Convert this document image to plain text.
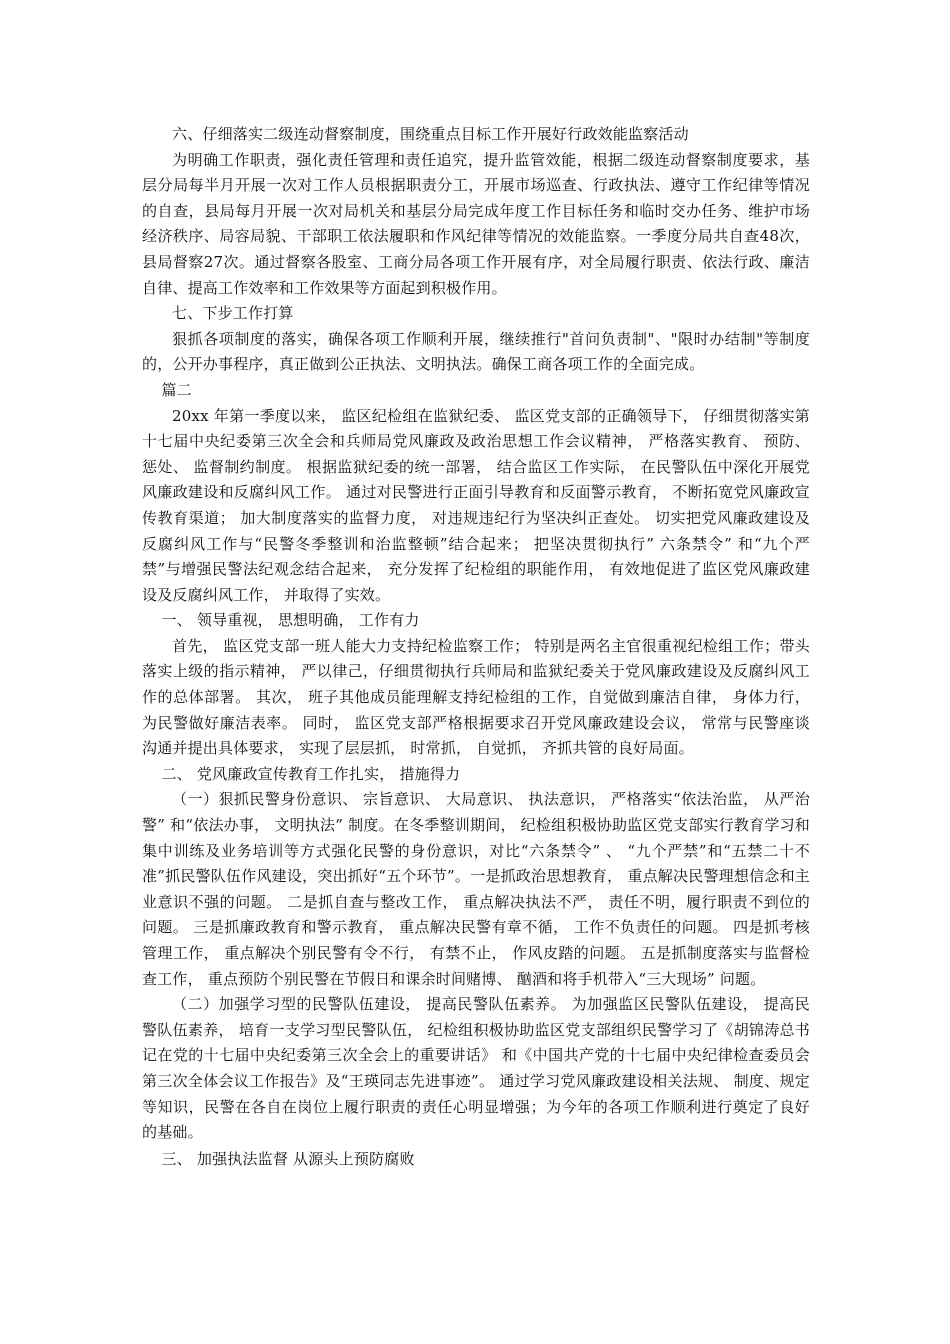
六、仔细落实二级连动督察制度，围绕重点目标工作开展好行政效能监察活动

为明确工作职责，强化责任管理和责任追究，提升监管效能，根据二级连动督察制度要求，基层分局每半月开展一次对工作人员根据职责分工，开展市场巡查、行政执法、遵守工作纪律等情况的自查，县局每月开展一次对局机关和基层分局完成年度工作目标任务和临时交办任务、维护市场经济秩序、局容局貌、干部职工依法履职和作风纪律等情况的效能监察。一季度分局共自查48次，县局督察27次。通过督察各股室、工商分局各项工作开展有序，对全局履行职责、依法行政、廉洁自律、提高工作效率和工作效果等方面起到积极作用。

七、下步工作打算

狠抓各项制度的落实，确保各项工作顺利开展，继续推行"首问负责制"、"限时办结制"等制度的，公开办事程序，真正做到公正执法、文明执法。确保工商各项工作的全面完成。

篇二

20xx 年第一季度以来， 监区纪检组在监狱纪委、 监区党支部的正确领导下， 仔细贯彻落实第十七届中央纪委第三次全会和兵师局党风廉政及政治思想工作会议精神， 严格落实教育、 预防、 惩处、 监督制约制度。 根据监狱纪委的统一部署， 结合监区工作实际， 在民警队伍中深化开展党风廉政建设和反腐纠风工作。 通过对民警进行正面引导教育和反面警示教育， 不断拓宽党风廉政宣传教育渠道； 加大制度落实的监督力度， 对违规违纪行为坚决纠正查处。 切实把党风廉政建设及反腐纠风工作与“民警冬季整训和治监整顿”结合起来； 把坚决贯彻执行” 六条禁令” 和“九个严禁”与增强民警法纪观念结合起来， 充分发挥了纪检组的职能作用， 有效地促进了监区党风廉政建设及反腐纠风工作， 并取得了实效。

一、 领导重视， 思想明确， 工作有力

首先， 监区党支部一班人能大力支持纪检监察工作； 特别是两名主官很重视纪检组工作；带头落实上级的指示精神， 严以律己，仔细贯彻执行兵师局和监狱纪委关于党风廉政建设及反腐纠风工作的总体部署。 其次， 班子其他成员能理解支持纪检组的工作，自觉做到廉洁自律， 身体力行， 为民警做好廉洁表率。 同时， 监区党支部严格根据要求召开党风廉政建设会议， 常常与民警座谈沟通并提出具体要求， 实现了层层抓， 时常抓， 自觉抓， 齐抓共管的良好局面。

二、 党风廉政宣传教育工作扎实， 措施得力

（一）狠抓民警身份意识、 宗旨意识、 大局意识、 执法意识， 严格落实“依法治监， 从严治警” 和“依法办事， 文明执法” 制度。在冬季整训期间， 纪检组积极协助监区党支部实行教育学习和集中训练及业务培训等方式强化民警的身份意识，对比“六条禁令” 、 “九个严禁”和“五禁二十不准”抓民警队伍作风建设，突出抓好“五个环节”。一是抓政治思想教育， 重点解决民警理想信念和主业意识不强的问题。 二是抓自查与整改工作， 重点解决执法不严， 责任不明，履行职责不到位的问题。 三是抓廉政教育和警示教育， 重点解决民警有章不循， 工作不负责任的问题。 四是抓考核管理工作， 重点解决个别民警有令不行， 有禁不止， 作风皮踏的问题。 五是抓制度落实与监督检查工作， 重点预防个别民警在节假日和课余时间赌博、 酗酒和将手机带入“三大现场” 问题。

（二）加强学习型的民警队伍建设， 提高民警队伍素养。 为加强监区民警队伍建设， 提高民警队伍素养， 培育一支学习型民警队伍， 纪检组积极协助监区党支部组织民警学习了《胡锦涛总书记在党的十七届中央纪委第三次全会上的重要讲话》 和《中国共产党的十七届中央纪律检查委员会第三次全体会议工作报告》及“王瑛同志先进事迹”。 通过学习党风廉政建设相关法规、 制度、规定等知识，民警在各自在岗位上履行职责的责任心明显增强；为今年的各项工作顺利进行奠定了良好的基础。

三、 加强执法监督 从源头上预防腐败
